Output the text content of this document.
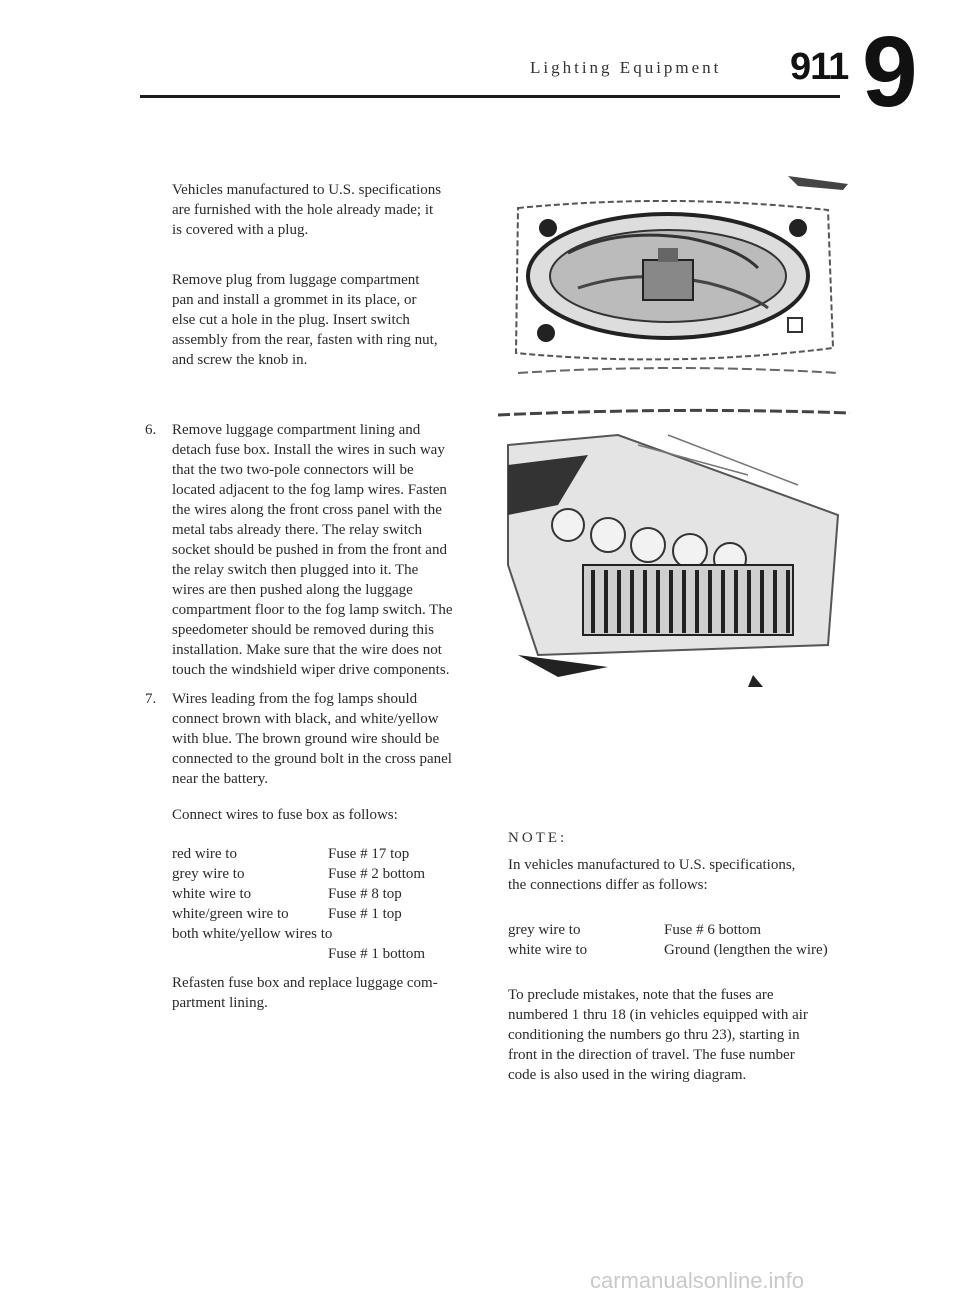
Lighting Equipment 911 9

Vehicles manufactured to U.S. specifications

are furnished with the hole already made; it

is covered with a plug.

Remove plug from luggage compartment

pan and install a grommet in its place, or

else cut a hole in the plug. Insert switch

assembly from the rear, fasten with ring nut,

and screw the knob in.

6. Remove luggage compartment lining and

detach fuse box. Install the wires in such way

that the two two-pole connectors will be

located adjacent to the fog lamp wires. Fasten

the wires along the front cross panel with the

metal tabs already there. The relay switch

socket should be pushed in from the front and

the relay switch then plugged into it. The

wires are then pushed along the luggage

compartment floor to the fog lamp switch. The

speedometer should be removed during this

installation. Make sure that the wire does not

touch the windshield wiper drive components.

7. Wires leading from the fog lamps should

connect brown with black, and white/yellow

with blue. The brown ground wire should be

connected to the ground bolt in the cross panel

near the battery.

Connect wires to fuse box as follows:
red wire to	Fuse # 17 top
grey wire to	Fuse # 2 bottom
white wire to	Fuse # 8 top
white/green wire to	Fuse # 1 top
both white/yellow wires to	
	Fuse # 1 bottom

Refasten fuse box and replace luggage com-

partment lining.

NOTE:

In vehicles manufactured to U.S. specifications,

the connections differ as follows:

grey wire to	Fuse # 6 bottom
white wire to	Ground (lengthen the wire)

To preclude mistakes, note that the fuses are

numbered 1 thru 18 (in vehicles equipped with air

conditioning the numbers go thru 23), starting in

front in the direction of travel. The fuse number

code is also used in the wiring diagram.

carmanualsonline.info
